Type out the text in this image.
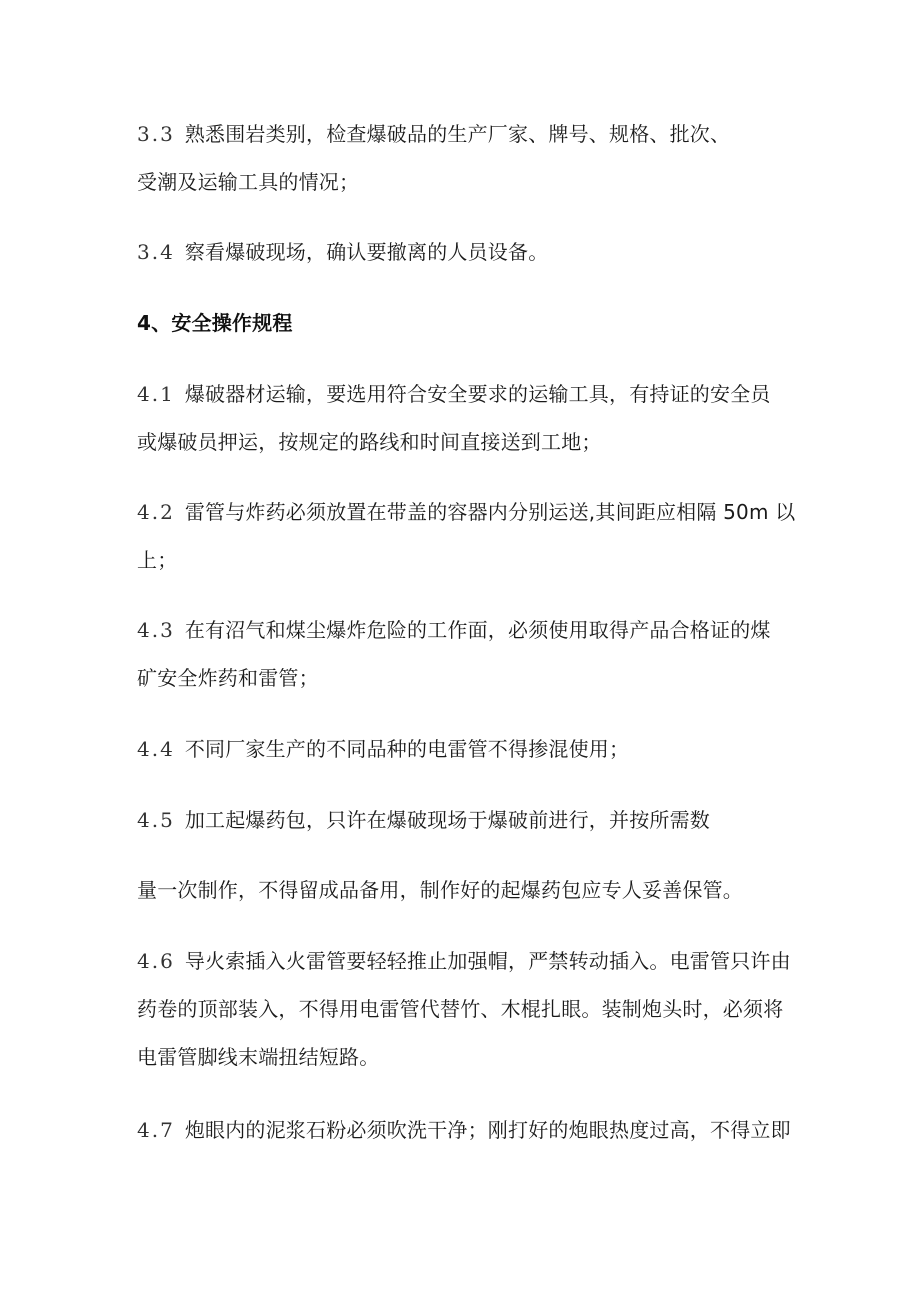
3.3 熟悉围岩类别，检查爆破品的生产厂家、牌号、规格、批次、
受潮及运输工具的情况；
3.4 察看爆破现场，确认要撤离的人员设备。
4、安全操作规程
4.1 爆破器材运输，要选用符合安全要求的运输工具，有持证的安全员
或爆破员押运，按规定的路线和时间直接送到工地；
4.2 雷管与炸药必须放置在带盖的容器内分别运送,其间距应相隔 50m 以
上；
4.3 在有沼气和煤尘爆炸危险的工作面，必须使用取得产品合格证的煤
矿安全炸药和雷管；
4.4 不同厂家生产的不同品种的电雷管不得掺混使用；
4.5 加工起爆药包，只许在爆破现场于爆破前进行，并按所需数
量一次制作，不得留成品备用，制作好的起爆药包应专人妥善保管。
4.6 导火索插入火雷管要轻轻推止加强帽，严禁转动插入。电雷管只许由
药卷的顶部装入，不得用电雷管代替竹、木棍扎眼。装制炮头时，必须将
电雷管脚线末端扭结短路。
4.7 炮眼内的泥浆石粉必须吹洗干净；刚打好的炮眼热度过高，不得立即
